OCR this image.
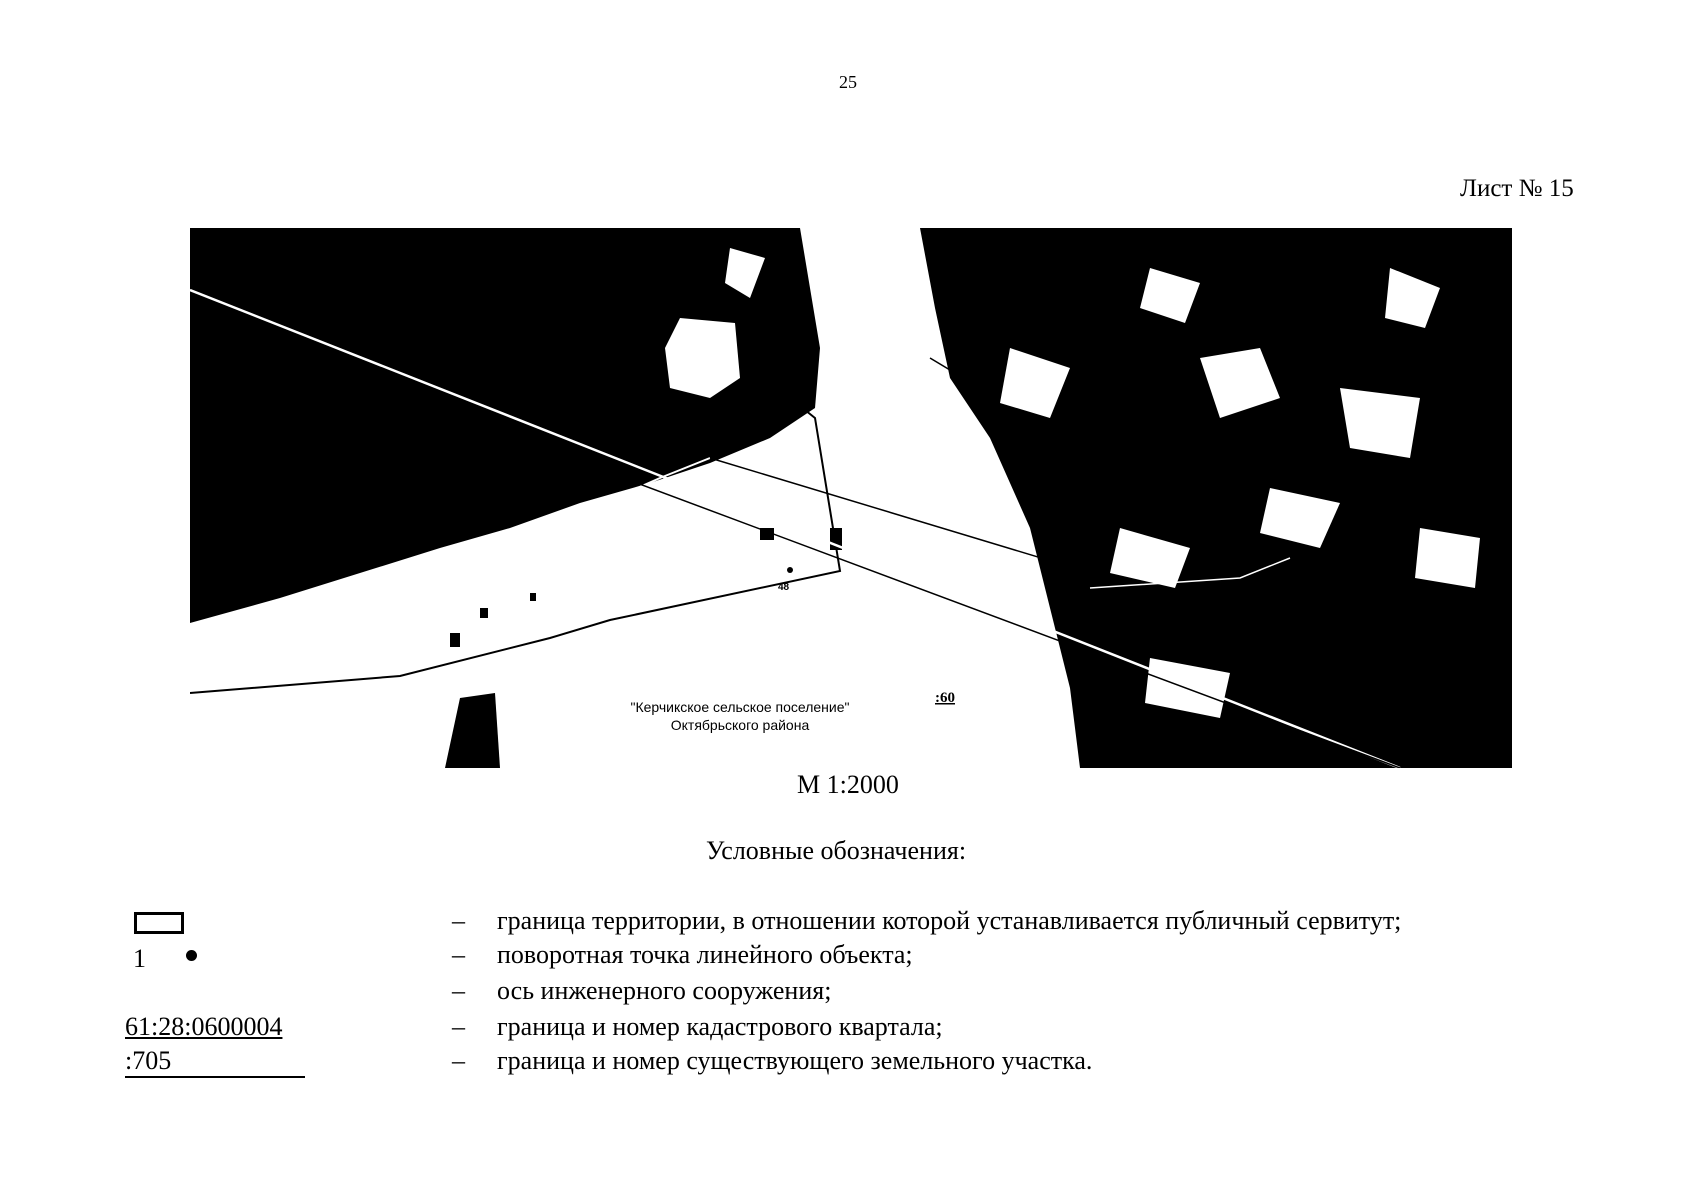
25
Лист № 15
48
:20
:60
"Керчикское сельское поселение"
Октябрьского района
М 1:2000
Условные обозначения:
– граница территории, в отношении которой устанавливается публичный сервитут;
1	– поворотная точка линейного объекта;
– ось инженерного сооружения;
61:28:0600004	– граница и номер кадастрового квартала;
:705	– граница и номер существующего земельного участка.
